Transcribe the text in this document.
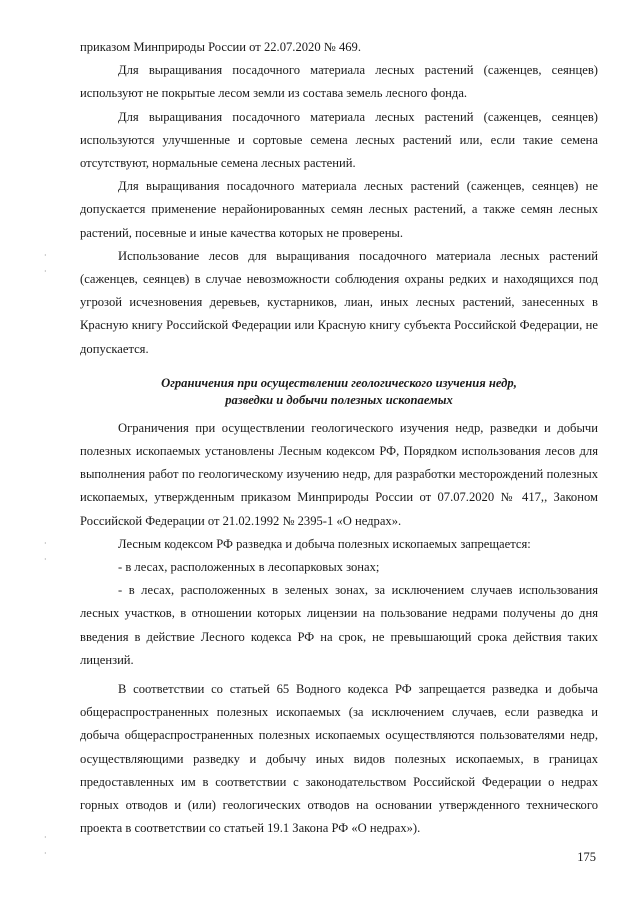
приказом Минприроды России от 22.07.2020 № 469.

Для выращивания посадочного материала лесных растений (саженцев, сеянцев) используют не покрытые лесом земли из состава земель лесного фонда.

Для выращивания посадочного материала лесных растений (саженцев, сеянцев) используются улучшенные и сортовые семена лесных растений или, если такие семена отсутствуют, нормальные семена лесных растений.

Для выращивания посадочного материала лесных растений (саженцев, сеянцев) не допускается применение нерайонированных семян лесных растений, а также семян лесных растений, посевные и иные качества которых не проверены.

Использование лесов для выращивания посадочного материала лесных растений (саженцев, сеянцев) в случае невозможности соблюдения охраны редких и находящихся под угрозой исчезновения деревьев, кустарников, лиан, иных лесных растений, занесенных в Красную книгу Российской Федерации или Красную книгу субъекта Российской Федерации, не допускается.

Ограничения при осуществлении геологического изучения недр,
разведки и добычи полезных ископаемых

Ограничения при осуществлении геологического изучения недр, разведки и добычи полезных ископаемых установлены Лесным кодексом РФ, Порядком использования лесов для выполнения работ по геологическому изучению недр, для разработки месторождений полезных ископаемых, утвержденным приказом Минприроды России от 07.07.2020 № 417,, Законом Российской Федерации от 21.02.1992 № 2395-1 «О недрах».

Лесным кодексом РФ разведка и добыча полезных ископаемых запрещается:

- в лесах, расположенных в лесопарковых зонах;

- в лесах, расположенных в зеленых зонах, за исключением случаев использования лесных участков, в отношении которых лицензии на пользование недрами получены до дня введения в действие Лесного кодекса РФ на срок, не превышающий срока действия таких лицензий.

В соответствии со статьей 65 Водного кодекса РФ запрещается разведка и добыча общераспространенных полезных ископаемых (за исключением случаев, если разведка и добыча общераспространенных полезных ископаемых осуществляются пользователями недр, осуществляющими разведку и добычу иных видов полезных ископаемых, в границах предоставленных им в соответствии с законодательством Российской Федерации о недрах горных отводов и (или) геологических отводов на основании утвержденного технического проекта в соответствии со статьей 19.1 Закона РФ «О недрах»).

·
·
·
·
·
·	175
